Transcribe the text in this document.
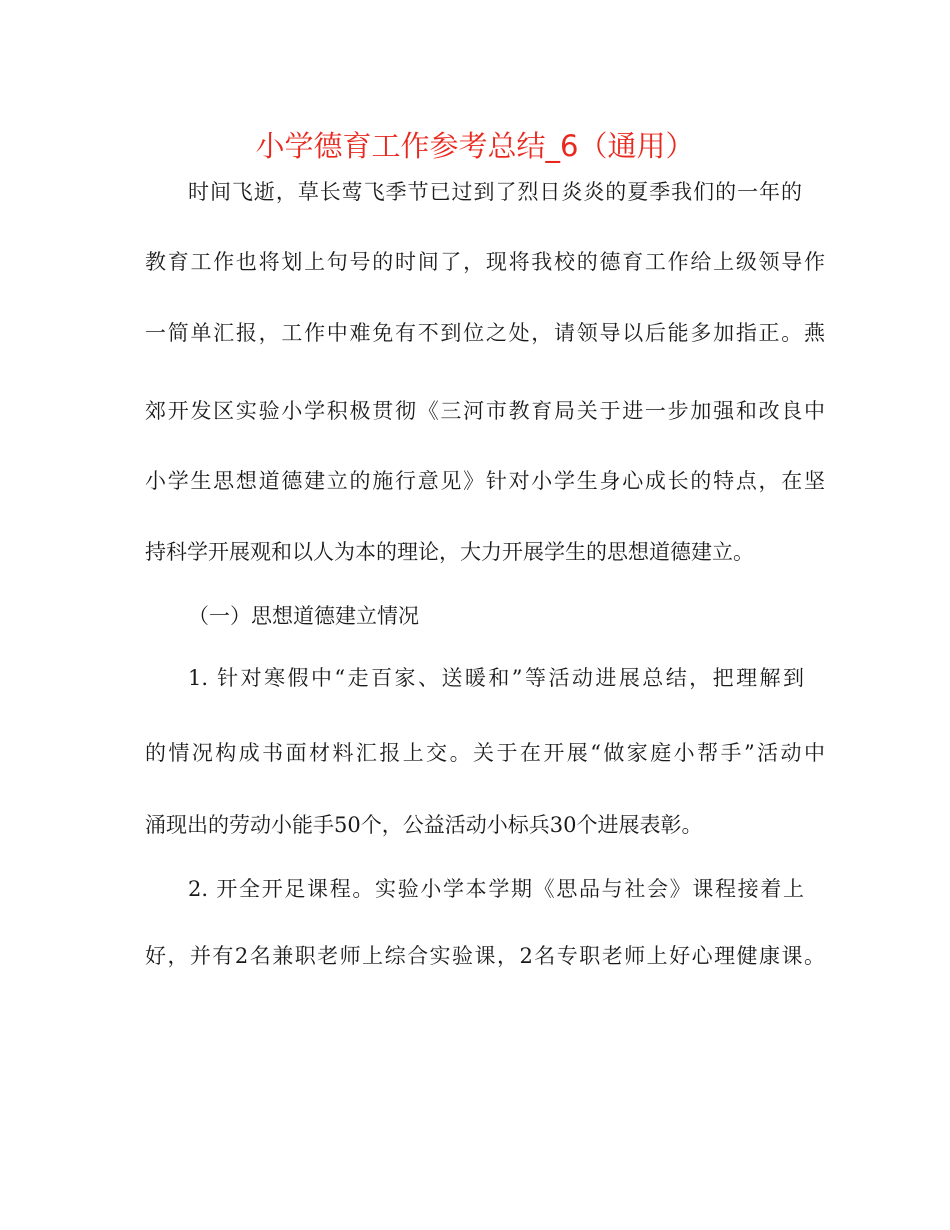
小学德育工作参考总结_6（通用）
时间飞逝，草长莺飞季节已过到了烈日炎炎的夏季我们的一年的
教育工作也将划上句号的时间了，现将我校的德育工作给上级领导作
一简单汇报，工作中难免有不到位之处，请领导以后能多加指正。燕
郊开发区实验小学积极贯彻《三河市教育局关于进一步加强和改良中
小学生思想道德建立的施行意见》针对小学生身心成长的特点，在坚
持科学开展观和以人为本的理论，大力开展学生的思想道德建立。
（一）思想道德建立情况
1. 针对寒假中“走百家、送暖和”等活动进展总结，把理解到
的情况构成书面材料汇报上交。关于在开展“做家庭小帮手”活动中
涌现出的劳动小能手50个，公益活动小标兵30个进展表彰。
2. 开全开足课程。实验小学本学期《思品与社会》课程接着上
好，并有2名兼职老师上综合实验课，2名专职老师上好心理健康课。
